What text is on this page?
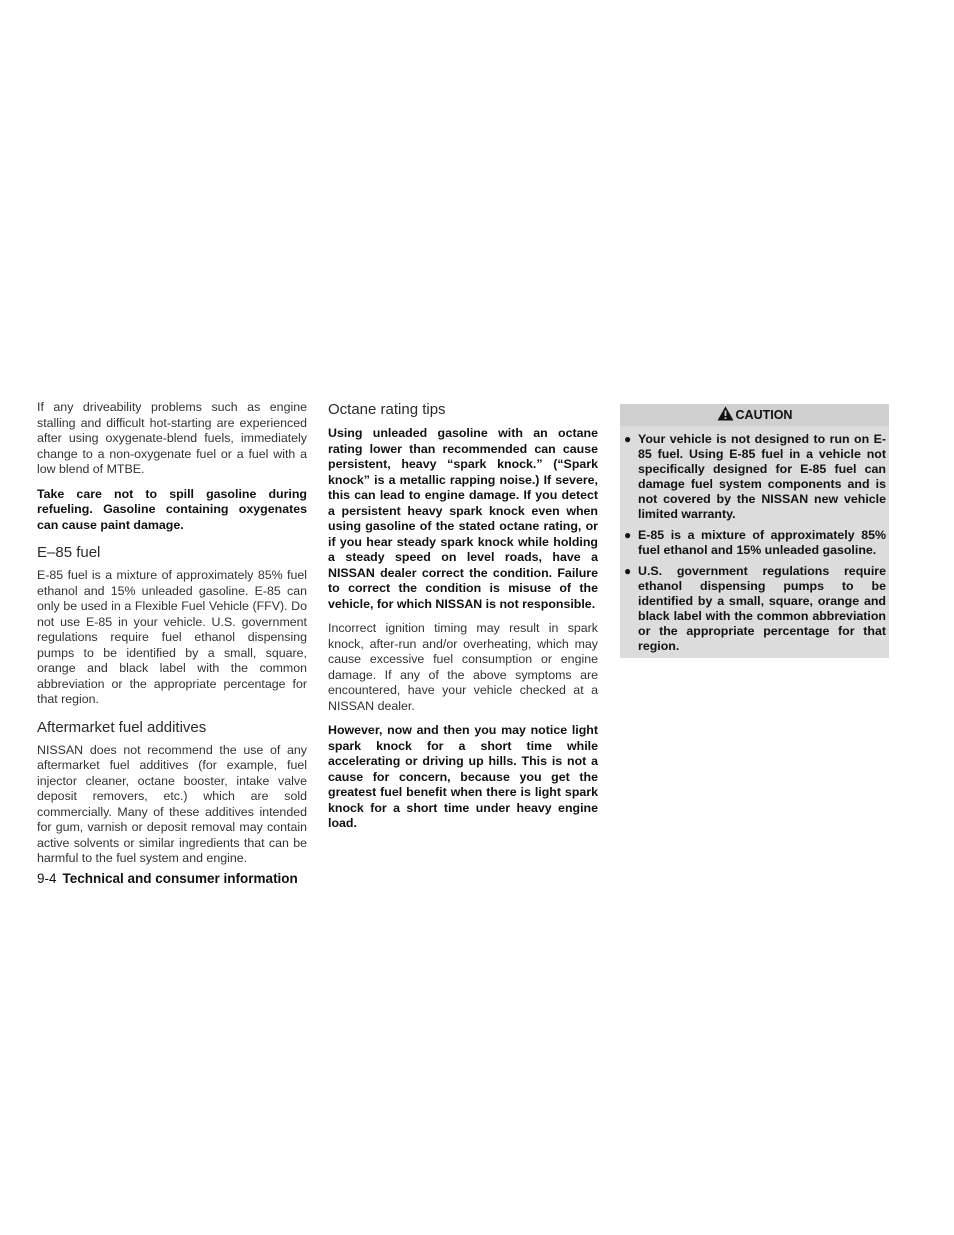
If any driveability problems such as engine stalling and difficult hot-starting are experienced after using oxygenate-blend fuels, immediately change to a non-oxygenate fuel or a fuel with a low blend of MTBE.

Take care not to spill gasoline during refueling. Gasoline containing oxygenates can cause paint damage.

E–85 fuel

E-85 fuel is a mixture of approximately 85% fuel ethanol and 15% unleaded gasoline. E-85 can only be used in a Flexible Fuel Vehicle (FFV). Do not use E-85 in your vehicle. U.S. government regulations require fuel ethanol dispensing pumps to be identified by a small, square, orange and black label with the common abbreviation or the appropriate percentage for that region.

Aftermarket fuel additives

NISSAN does not recommend the use of any aftermarket fuel additives (for example, fuel injector cleaner, octane booster, intake valve deposit removers, etc.) which are sold commercially. Many of these additives intended for gum, varnish or deposit removal may contain active solvents or similar ingredients that can be harmful to the fuel system and engine.

Octane rating tips

Using unleaded gasoline with an octane rating lower than recommended can cause persistent, heavy “spark knock.” (“Spark knock” is a metallic rapping noise.) If severe, this can lead to engine damage. If you detect a persistent heavy spark knock even when using gasoline of the stated octane rating, or if you hear steady spark knock while holding a steady speed on level roads, have a NISSAN dealer correct the condition. Failure to correct the condition is misuse of the vehicle, for which NISSAN is not responsible.

Incorrect ignition timing may result in spark knock, after-run and/or overheating, which may cause excessive fuel consumption or engine damage. If any of the above symptoms are encountered, have your vehicle checked at a NISSAN dealer.

However, now and then you may notice light spark knock for a short time while accelerating or driving up hills. This is not a cause for concern, because you get the greatest fuel benefit when there is light spark knock for a short time under heavy engine load.

CAUTION
● Your vehicle is not designed to run on E-85 fuel. Using E-85 fuel in a vehicle not specifically designed for E-85 fuel can damage fuel system components and is not covered by the NISSAN new vehicle limited warranty.
● E-85 is a mixture of approximately 85% fuel ethanol and 15% unleaded gasoline.
● U.S. government regulations require ethanol dispensing pumps to be identified by a small, square, orange and black label with the common abbreviation or the appropriate percentage for that region.
9-4 Technical and consumer information
